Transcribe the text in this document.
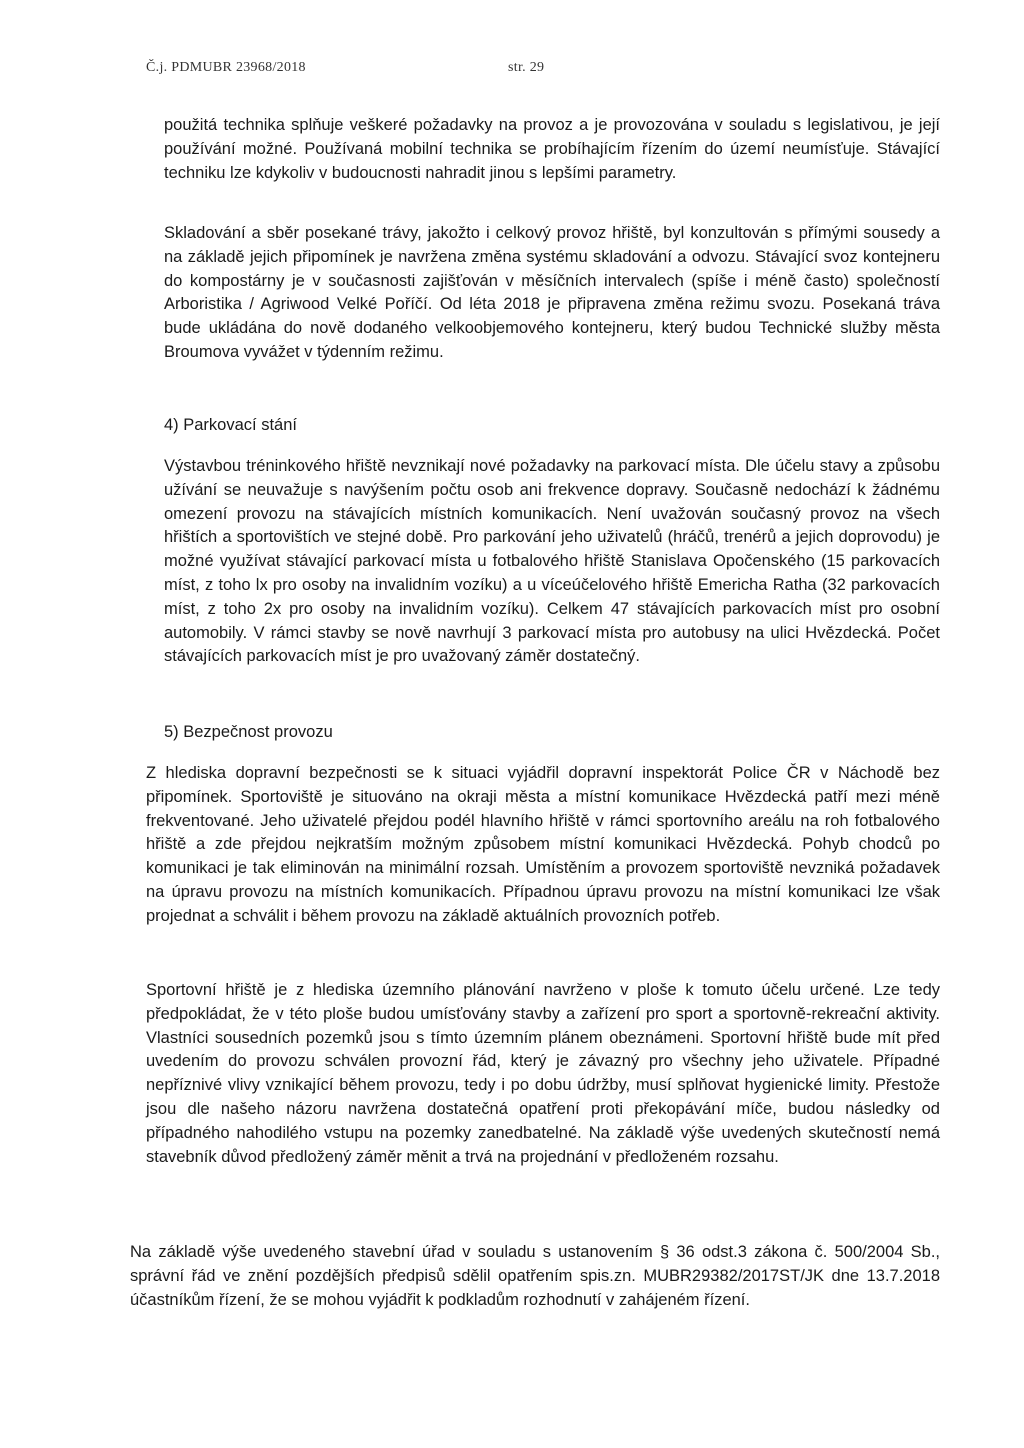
Č.j. PDMUBR 23968/2018	str. 29

použitá technika splňuje veškeré požadavky na provoz a je provozována v souladu s legislativou, je její používání možné. Používaná mobilní technika se probíhajícím řízením do území neumísťuje. Stávající techniku lze kdykoliv v budoucnosti nahradit jinou s lepšími parametry.

Skladování a sběr posekané trávy, jakožto i celkový provoz hřiště, byl konzultován s přímými sousedy a na základě jejich připomínek je navržena změna systému skladování a odvozu. Stávající svoz kontejneru do kompostárny je v současnosti zajišťován v měsíčních intervalech (spíše i méně často) společností Arboristika / Agriwood Velké Poříčí. Od léta 2018 je připravena změna režimu svozu. Posekaná tráva bude ukládána do nově dodaného velkoobjemového kontejneru, který budou Technické služby města Broumova vyvážet v týdenním režimu.

4) Parkovací stání

Výstavbou tréninkového hřiště nevznikají nové požadavky na parkovací místa. Dle účelu stavy a způsobu užívání se neuvažuje s navýšením počtu osob ani frekvence dopravy. Současně nedochází k žádnému omezení provozu na stávajících místních komunikacích. Není uvažován současný provoz na všech hřištích a sportovištích ve stejné době. Pro parkování jeho uživatelů (hráčů, trenérů a jejich doprovodu) je možné využívat stávající parkovací místa u fotbalového hřiště Stanislava Opočenského (15 parkovacích míst, z toho lx pro osoby na invalidním vozíku) a u víceúčelového hřiště Emericha Ratha (32 parkovacích míst, z toho 2x pro osoby na invalidním vozíku). Celkem 47 stávajících parkovacích míst pro osobní automobily. V rámci stavby se nově navrhují 3 parkovací místa pro autobusy na ulici Hvězdecká. Počet stávajících parkovacích míst je pro uvažovaný záměr dostatečný.

5) Bezpečnost provozu

Z hlediska dopravní bezpečnosti se k situaci vyjádřil dopravní inspektorát Police ČR v Náchodě bez připomínek. Sportoviště je situováno na okraji města a místní komunikace Hvězdecká patří mezi méně frekventované. Jeho uživatelé přejdou podél hlavního hřiště v rámci sportovního areálu na roh fotbalového hřiště a zde přejdou nejkratším možným způsobem místní komunikaci Hvězdecká. Pohyb chodců po komunikaci je tak eliminován na minimální rozsah. Umístěním a provozem sportoviště nevzniká požadavek na úpravu provozu na místních komunikacích. Případnou úpravu provozu na místní komunikaci lze však projednat a schválit i během provozu na základě aktuálních provozních potřeb.

Sportovní hřiště je z hlediska územního plánování navrženo v ploše k tomuto účelu určené. Lze tedy předpokládat, že v této ploše budou umísťovány stavby a zařízení pro sport a sportovně-rekreační aktivity. Vlastníci sousedních pozemků jsou s tímto územním plánem obeznámeni. Sportovní hřiště bude mít před uvedením do provozu schválen provozní řád, který je závazný pro všechny jeho uživatele. Případné nepříznivé vlivy vznikající během provozu, tedy i po dobu údržby, musí splňovat hygienické limity. Přestože jsou dle našeho názoru navržena dostatečná opatření proti překopávání míče, budou následky od případného nahodilého vstupu na pozemky zanedbatelné. Na základě výše uvedených skutečností nemá stavebník důvod předložený záměr měnit a trvá na projednání v předloženém rozsahu.

Na základě výše uvedeného stavební úřad v souladu s ustanovením § 36 odst.3 zákona č. 500/2004 Sb., správní řád ve znění pozdějších předpisů sdělil opatřením spis.zn. MUBR29382/2017ST/JK dne 13.7.2018 účastníkům řízení, že se mohou vyjádřit k podkladům rozhodnutí v zahájeném řízení.
